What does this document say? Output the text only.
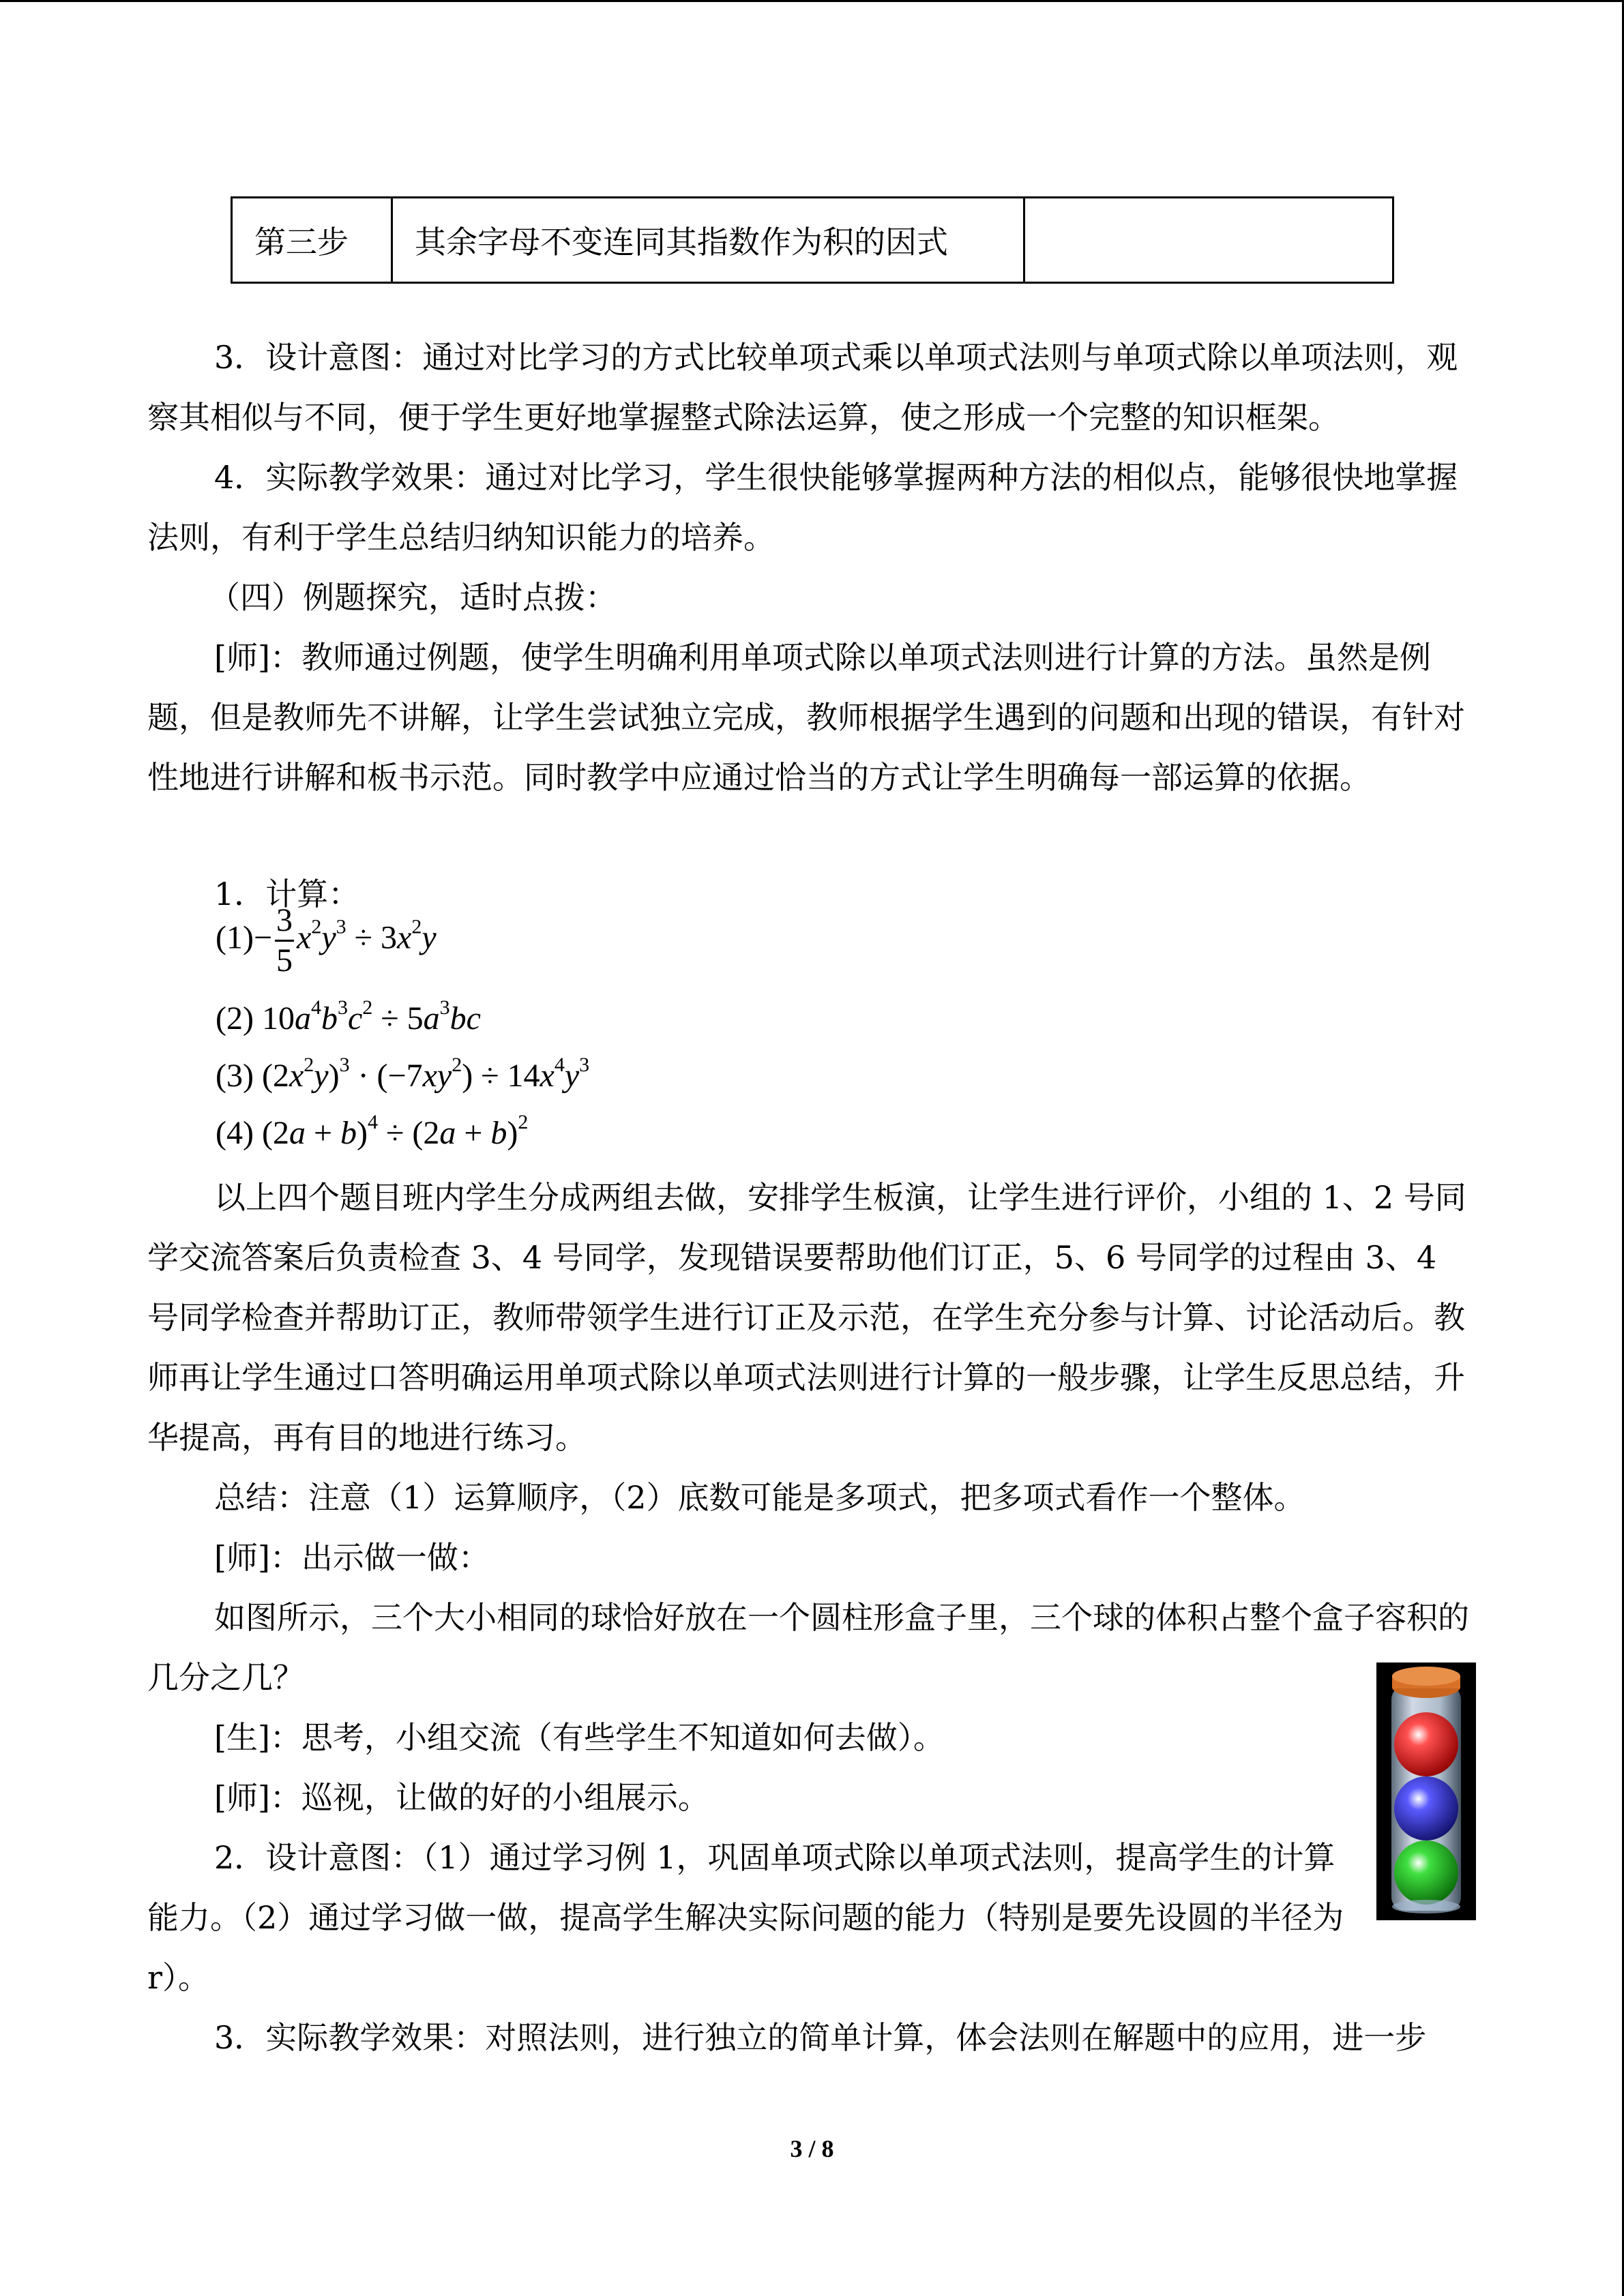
第三步	其余字母不变连同其指数作为积的因式	

3．设计意图：通过对比学习的方式比较单项式乘以单项式法则与单项式除以单项法则，观察其相似与不同，便于学生更好地掌握整式除法运算，使之形成一个完整的知识框架。

4．实际教学效果：通过对比学习，学生很快能够掌握两种方法的相似点，能够很快地掌握法则，有利于学生总结归纳知识能力的培养。

（四）例题探究，适时点拨：

[师]：教师通过例题，使学生明确利用单项式除以单项式法则进行计算的方法。虽然是例题，但是教师先不讲解，让学生尝试独立完成，教师根据学生遇到的问题和出现的错误，有针对性地进行讲解和板书示范。同时教学中应通过恰当的方式让学生明确每一部运算的依据。

1．计算：

$(1)- \frac{3}{5} x^2y^3 \div 3x^2y$
(2) $10a^4b^3c^2 \div 5a^3bc$
(3) $(2x^2y)^3 \cdot (-7xy^2) \div 14x^4y^3$
(4) $(2a + b)^4 \div (2a + b)^2$

以上四个题目班内学生分成两组去做，安排学生板演，让学生进行评价，小组的 1、2 号同学交流答案后负责检查 3、4 号同学，发现错误要帮助他们订正，5、6 号同学的过程由 3、4 号同学检查并帮助订正，教师带领学生进行订正及示范，在学生充分参与计算、讨论活动后。教师再让学生通过口答明确运用单项式除以单项式法则进行计算的一般步骤，让学生反思总结，升华提高，再有目的地进行练习。

总结：注意（1）运算顺序，（2）底数可能是多项式，把多项式看作一个整体。

[师]：出示做一做：

如图所示，三个大小相同的球恰好放在一个圆柱形盒子里，三个球的体积占整个盒子容积的几分之几？

[生]：思考，小组交流（有些学生不知道如何去做）。

[师]：巡视，让做的好的小组展示。

2．设计意图：（1）通过学习例 1，巩固单项式除以单项式法则，提高学生的计算能力。（2）通过学习做一做，提高学生解决实际问题的能力（特别是要先设圆的半径为 r）。

3．实际教学效果：对照法则，进行独立的简单计算，体会法则在解题中的应用，进一步

3 / 8
